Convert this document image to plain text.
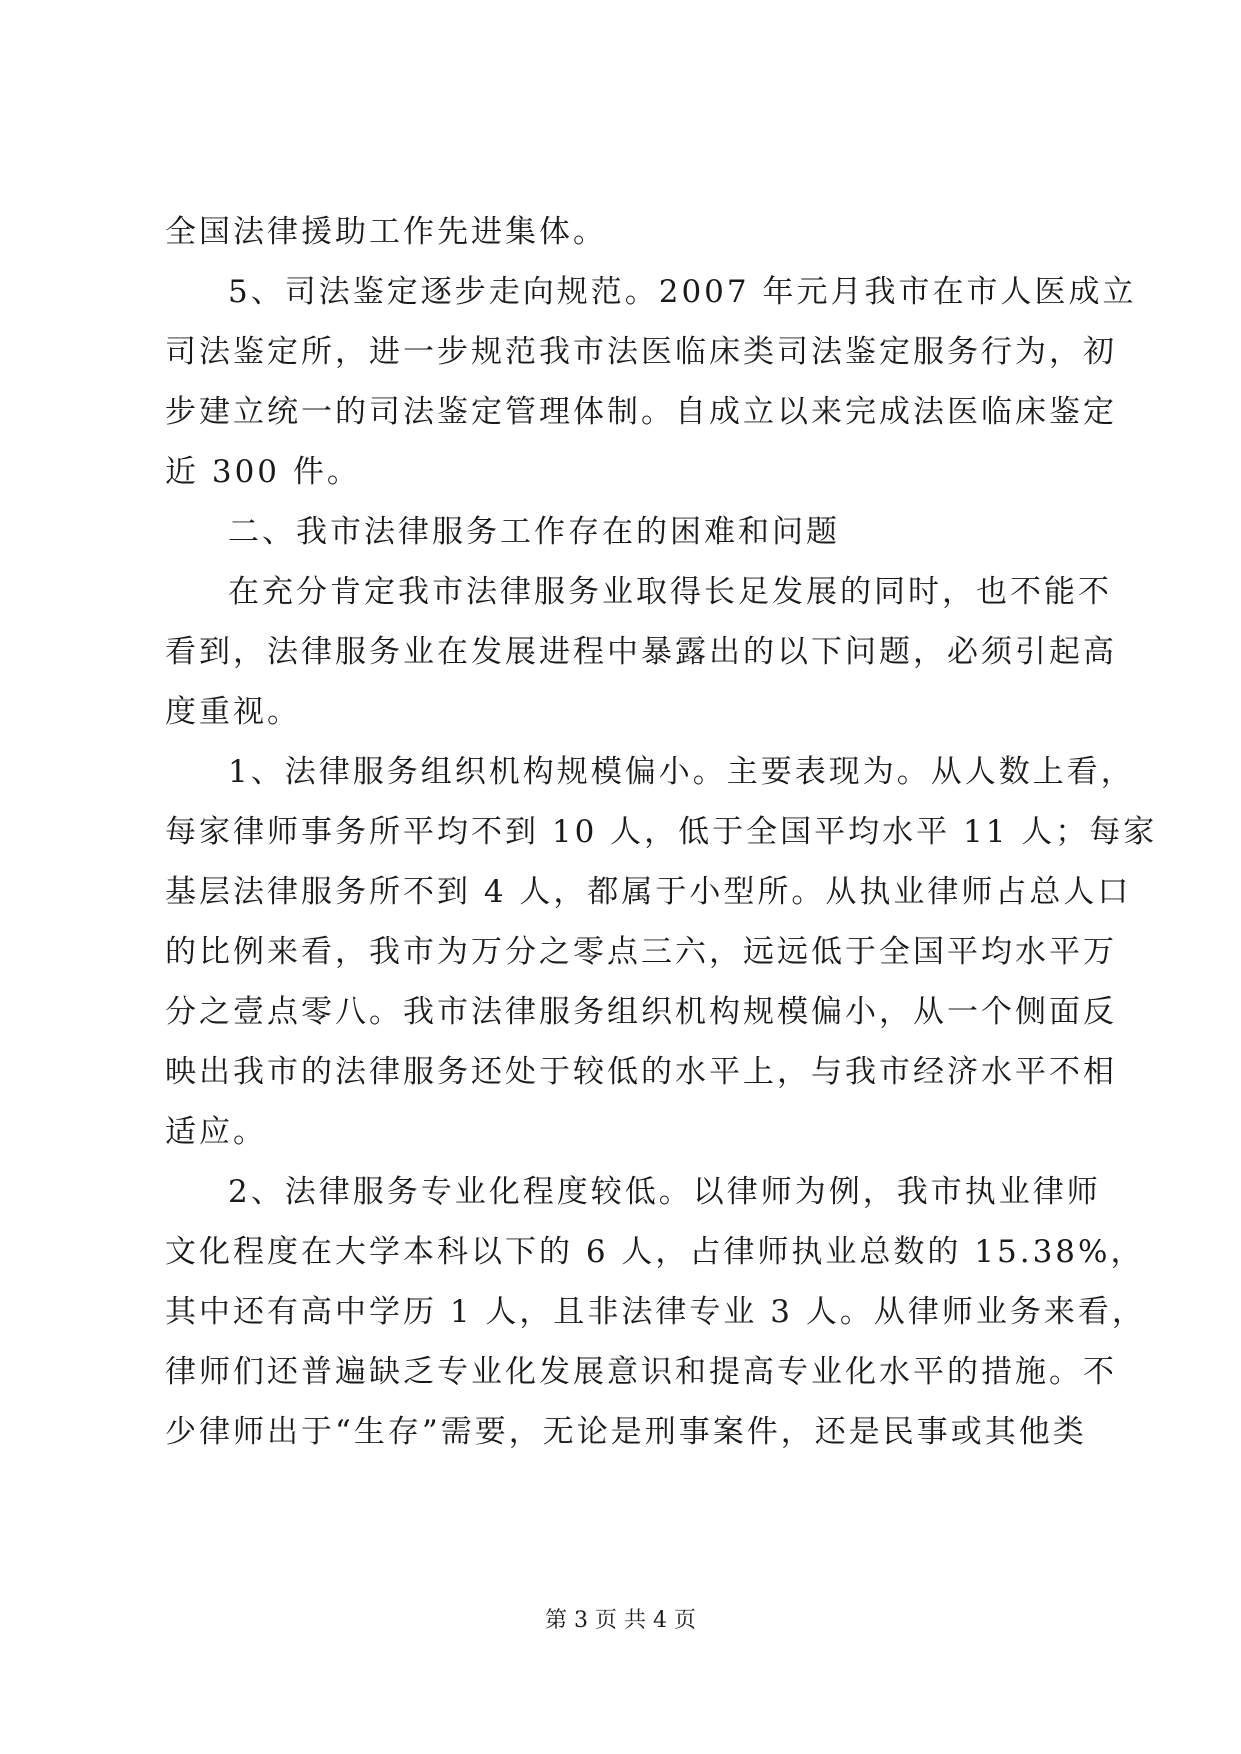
全国法律援助工作先进集体。
5、司法鉴定逐步走向规范。2007 年元月我市在市人医成立
司法鉴定所，进一步规范我市法医临床类司法鉴定服务行为，初
步建立统一的司法鉴定管理体制。自成立以来完成法医临床鉴定
近 300 件。
二、我市法律服务工作存在的困难和问题
在充分肯定我市法律服务业取得长足发展的同时，也不能不
看到，法律服务业在发展进程中暴露出的以下问题，必须引起高
度重视。
1、法律服务组织机构规模偏小。主要表现为。从人数上看，
每家律师事务所平均不到 10 人，低于全国平均水平 11 人；每家
基层法律服务所不到 4 人，都属于小型所。从执业律师占总人口
的比例来看，我市为万分之零点三六，远远低于全国平均水平万
分之壹点零八。我市法律服务组织机构规模偏小，从一个侧面反
映出我市的法律服务还处于较低的水平上，与我市经济水平不相
适应。
2、法律服务专业化程度较低。以律师为例，我市执业律师
文化程度在大学本科以下的 6 人，占律师执业总数的 15.38%，
其中还有高中学历 1 人，且非法律专业 3 人。从律师业务来看，
律师们还普遍缺乏专业化发展意识和提高专业化水平的措施。不
少律师出于“生存”需要，无论是刑事案件，还是民事或其他类
第 3 页 共 4 页
